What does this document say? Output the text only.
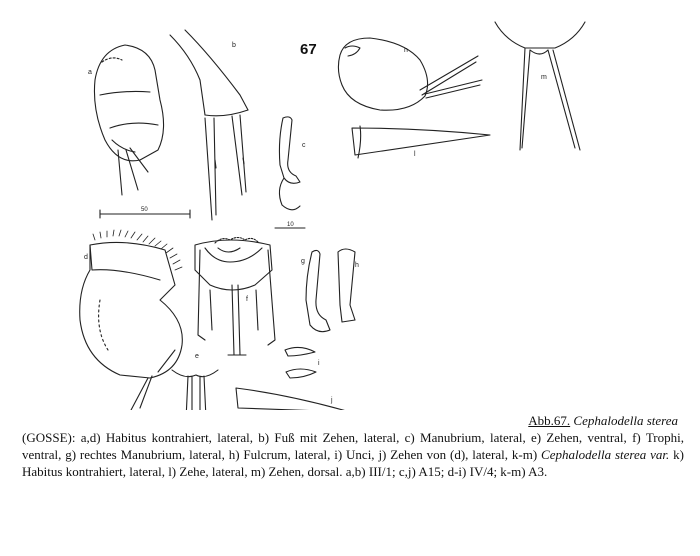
a
b
c
n
m
d
f
g
h
e
i
j
l
67
50
10
Abb.67. Cephalodella sterea
(GOSSE): a,d) Habitus kontrahiert, lateral, b) Fuß mit Zehen, lateral, c) Manubrium, lateral, e) Zehen, ventral, f) Trophi, ventral, g) rechtes Manubrium, lateral, h) Fulcrum, lateral, i) Unci, j) Zehen von (d), lateral, k-m) Cephalodella sterea var. k) Habitus kontrahiert, lateral, l) Zehe, lateral, m) Zehen, dorsal. a,b) III/1; c,j) A15; d-i) IV/4; k-m) A3.
